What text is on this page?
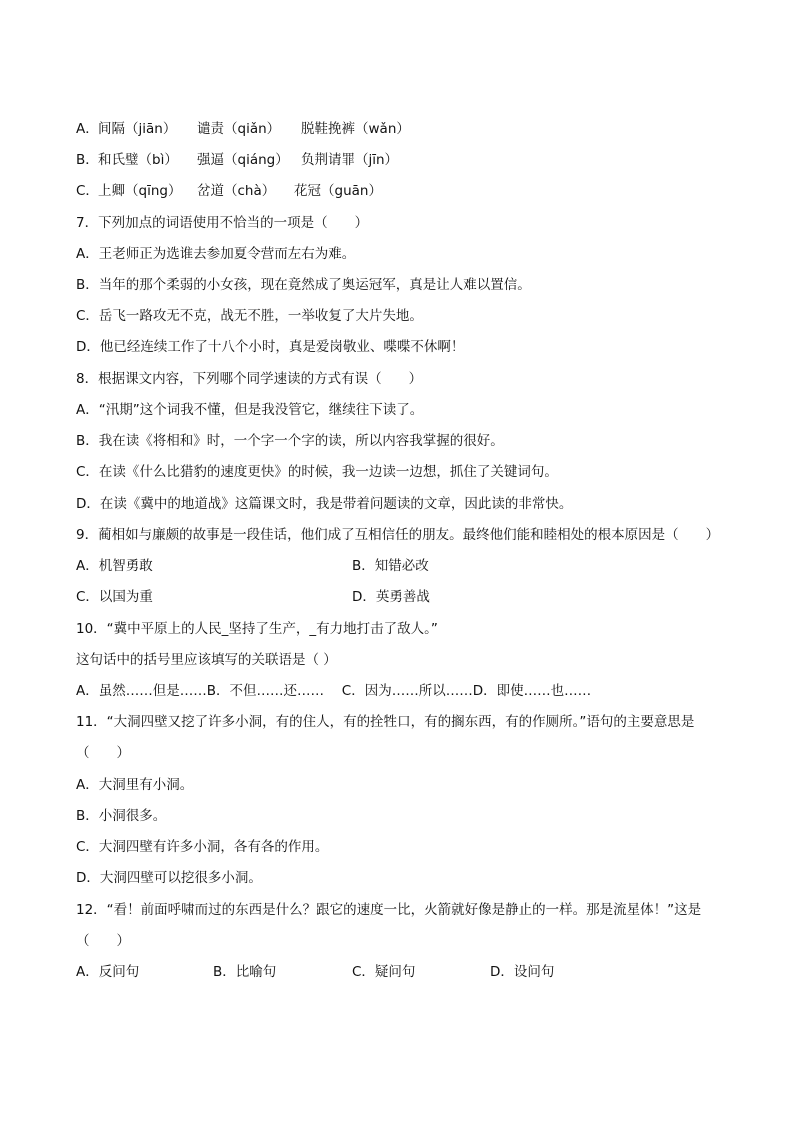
A． 间隔（jiān） 谴责（qiǎn） 脱鞋挽裤（wǎn）
B． 和氏璧（bì） 强逼（qiáng） 负荆请罪（jīn）
C． 上卿（qīng） 岔道（chà） 花冠（guān）
7．下列加点的词语使用不恰当的一项是（　　）
A．王老师正为选谁去参加夏令营而左右为难。
B．当年的那个柔弱的小女孩，现在竟然成了奥运冠军，真是让人难以置信。
C．岳飞一路攻无不克，战无不胜，一举收复了大片失地。
D．他已经连续工作了十八个小时，真是爱岗敬业、喋喋不休啊！
8．根据课文内容，下列哪个同学速读的方式有误（　　）
A．“汛期”这个词我不懂，但是我没管它，继续往下读了。
B．我在读《将相和》时，一个字一个字的读，所以内容我掌握的很好。
C．在读《什么比猎豹的速度更快》的时候，我一边读一边想，抓住了关键词句。
D．在读《冀中的地道战》这篇课文时，我是带着问题读的文章，因此读的非常快。
9．蔺相如与廉颇的故事是一段佳话，他们成了互相信任的朋友。最终他们能和睦相处的根本原因是（　　）
A．机智勇敢	B．知错必改
C．以国为重	D．英勇善战
10．“冀中平原上的人民_坚持了生产，_有力地打击了敌人。”
这句话中的括号里应该填写的关联语是（ ）
A．虽然……但是……B．不但……还……　 C．因为……所以……D．即使……也……
11．“大洞四壁又挖了许多小洞，有的住人，有的拴牲口，有的搁东西，有的作厕所。”语句的主要意思是
（　　）
A．大洞里有小洞。
B．小洞很多。
C．大洞四壁有许多小洞，各有各的作用。
D．大洞四壁可以挖很多小洞。
12．“看！前面呼啸而过的东西是什么？跟它的速度一比，火箭就好像是静止的一样。那是流星体！”这是
（　　）
A．反问句	B．比喻句	C．疑问句	D．设问句
